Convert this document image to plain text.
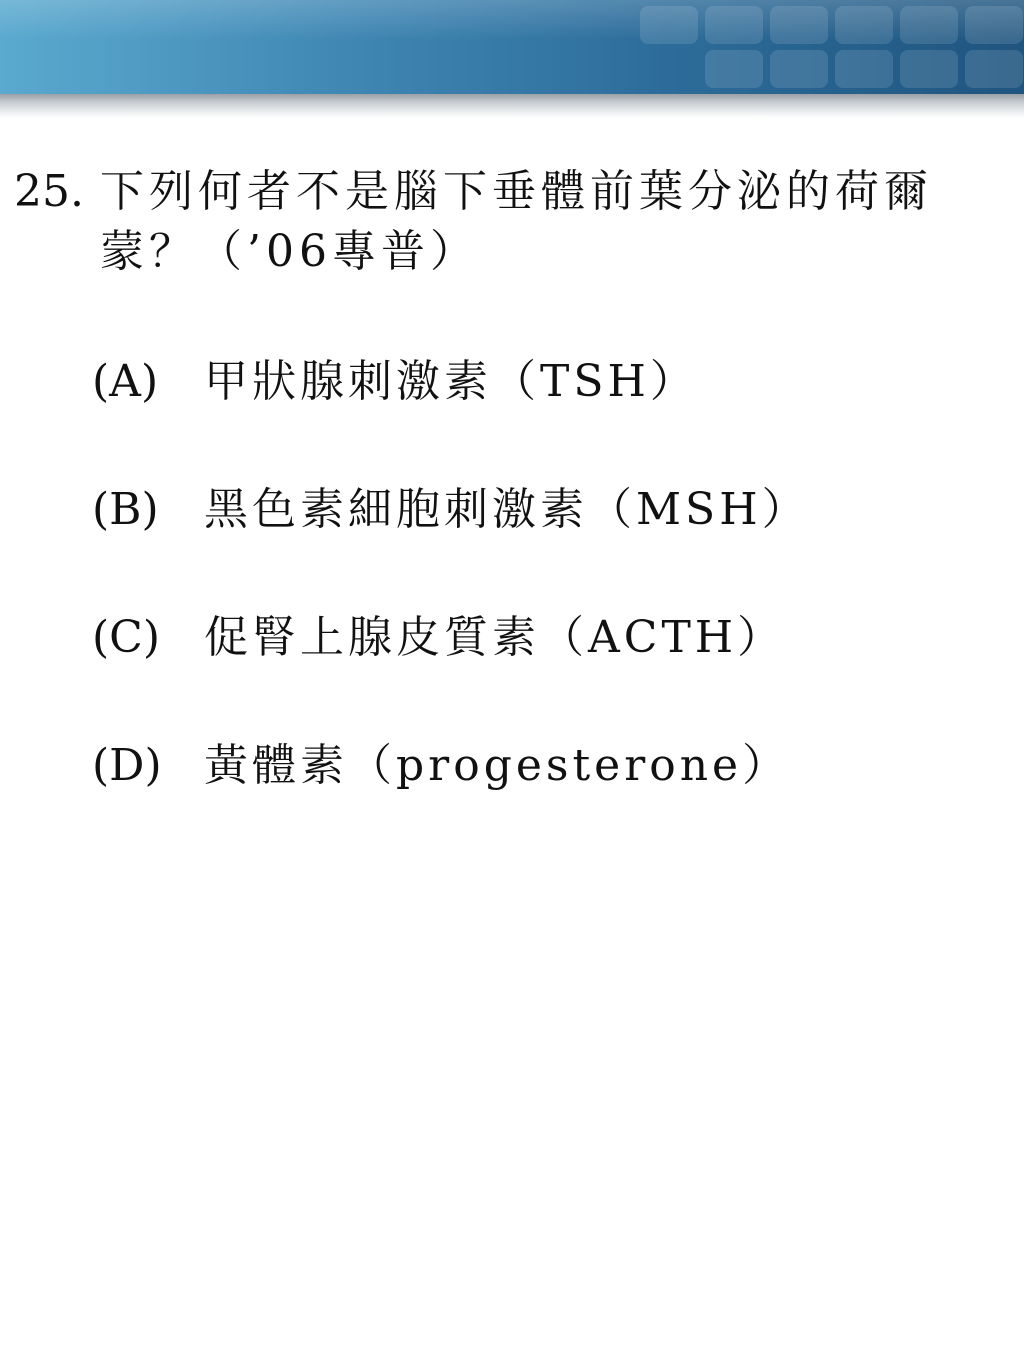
25. 下列何者不是腦下垂體前葉分泌的荷爾
蒙？（’06專普）
(A)	甲狀腺刺激素（TSH）
(B)	黑色素細胞刺激素（MSH）
(C)	促腎上腺皮質素（ACTH）
(D) 黃體素（progesterone）
